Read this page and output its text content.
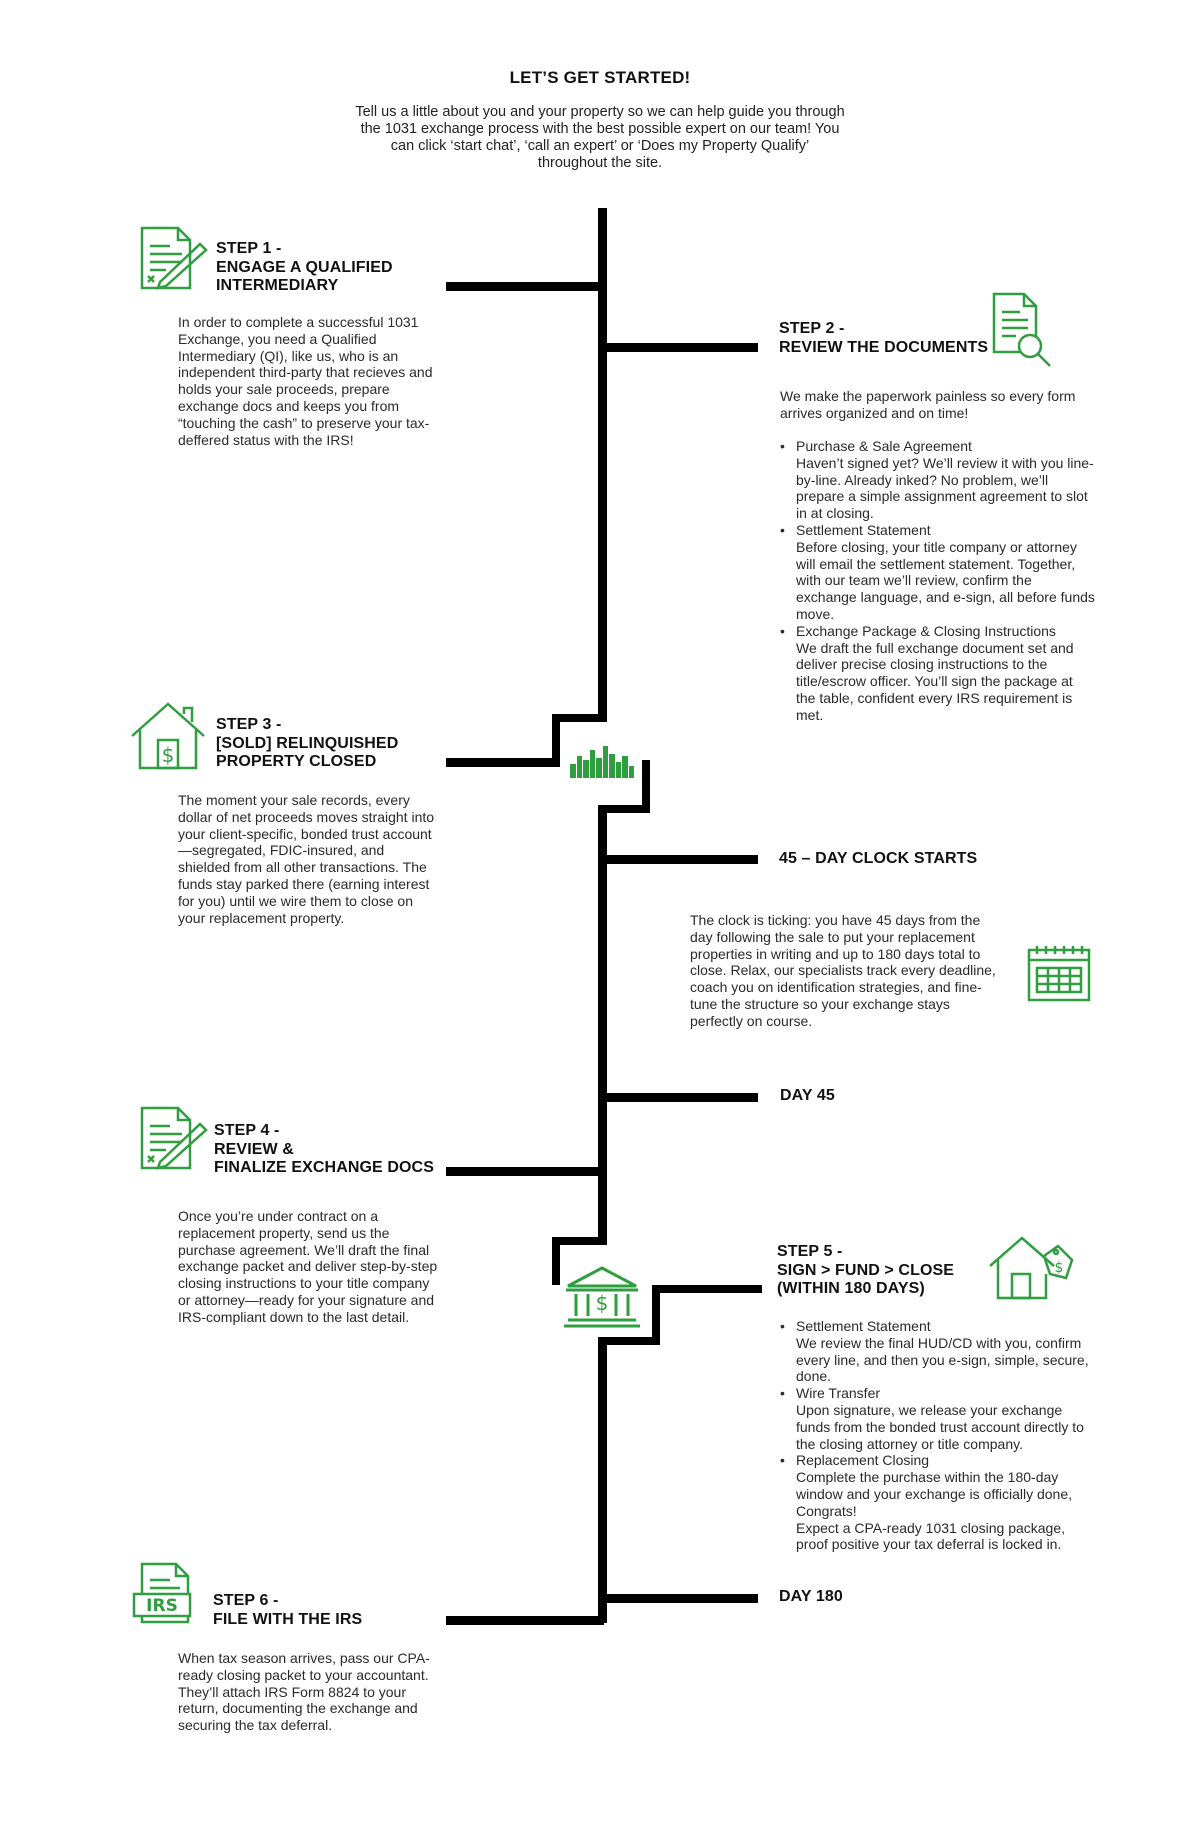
LET’S GET STARTED!
Tell us a little about you and your property so we can help guide you through the 1031 exchange process with the best possible expert on our team! You can click ‘start chat’, ‘call an expert’ or ‘Does my Property Qualify’ throughout the site.
$
STEP 1 -
ENGAGE A QUALIFIED
INTERMEDIARY
In order to complete a successful 1031 Exchange, you need a Qualified Intermediary (QI), like us, who is an independent third-party that recieves and holds your sale proceeds, prepare exchange docs and keeps you from “touching the cash” to preserve your tax-deffered status with the IRS!
STEP 2 -
REVIEW THE DOCUMENTS
We make the paperwork painless so every form arrives organized and on time!
• Purchase & Sale Agreement
Haven’t signed yet? We’ll review it with you line-by-line. Already inked? No problem, we’ll prepare a simple assignment agreement to slot in at closing.
• Settlement Statement
Before closing, your title company or attorney will email the settlement statement. Together, with our team we’ll review, confirm the exchange language, and e-sign, all before funds move.
• Exchange Package & Closing Instructions
We draft the full exchange document set and deliver precise closing instructions to the title/escrow officer. You’ll sign the package at the table, confident every IRS requirement is met.
$
STEP 3 -
[SOLD] RELINQUISHED
PROPERTY CLOSED
The moment your sale records, every dollar of net proceeds moves straight into your client-specific, bonded trust account—segregated, FDIC-insured, and shielded from all other transactions. The funds stay parked there (earning interest for you) until we wire them to close on your replacement property.
45 – DAY CLOCK STARTS
The clock is ticking: you have 45 days from the day following the sale to put your replacement properties in writing and up to 180 days total to close. Relax, our specialists track every deadline, coach you on identification strategies, and fine-tune the structure so your exchange stays perfectly on course.
DAY 45
STEP 4 -
REVIEW &
FINALIZE EXCHANGE DOCS
Once you’re under contract on a replacement property, send us the purchase agreement. We’ll draft the final exchange packet and deliver step-by-step closing instructions to your title company or attorney—ready for your signature and IRS-compliant down to the last detail.
STEP 5 -
SIGN > FUND > CLOSE
(WITHIN 180 DAYS)
$
• Settlement Statement
We review the final HUD/CD with you, confirm every line, and then you e-sign, simple, secure, done.
• Wire Transfer
Upon signature, we release your exchange funds from the bonded trust account directly to the closing attorney or title company.
• Replacement Closing
Complete the purchase within the 180-day window and your exchange is officially done, Congrats!
Expect a CPA-ready 1031 closing package, proof positive your tax deferral is locked in.
DAY 180
IRS STEP 6 -
FILE WITH THE IRS
When tax season arrives, pass our CPA-ready closing packet to your accountant. They’ll attach IRS Form 8824 to your return, documenting the exchange and securing the tax deferral.
